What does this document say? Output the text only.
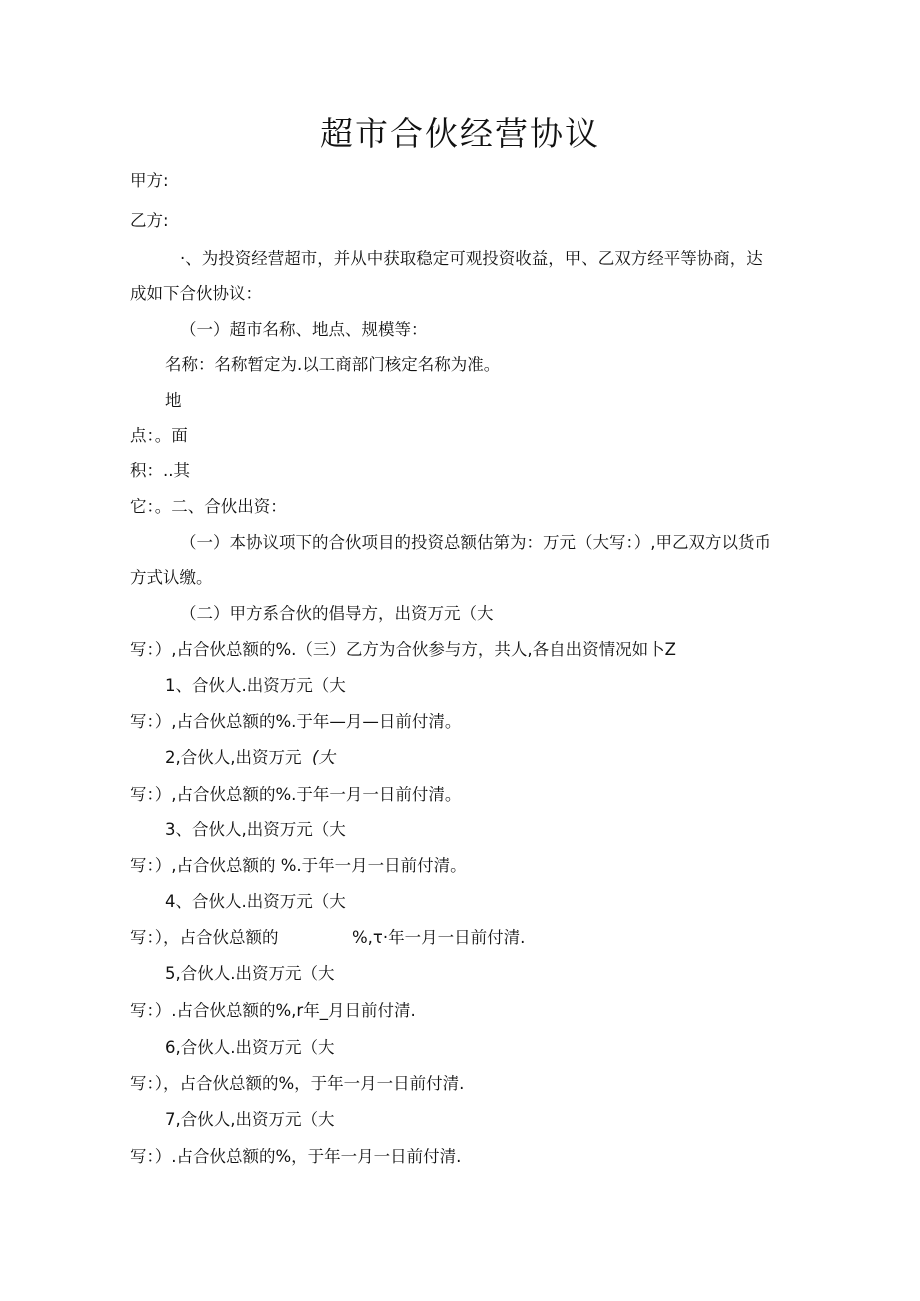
超市合伙经营协议
甲方:
乙方:
·、为投资经营超市，并从中获取稳定可观投资收益，甲、乙双方经平等协商，达
成如下合伙协议：
（一）超市名称、地点、规模等：
名称：名称暂定为.以工商部门核定名称为准。
地
点：。面
积：..其
它：。二、合伙出资：
（一）本协议项下的合伙项目的投资总额估第为：万元（大写：）,甲乙双方以货币
方式认缴。
（二）甲方系合伙的倡导方，出资万元（大
写：）,占合伙总额的%.（三）乙方为合伙参与方，共人,各自出资情况如卜Z
1、合伙人.出资万元（大
写：）,占合伙总额的%.于年—月—日前付清。
2,合伙人,出资万元 (大
写：）,占合伙总额的%.于年一月一日前付清。
3、合伙人,出资万元（大
写：）,占合伙总额的 %.于年一月一日前付清。
4、合伙人.出资万元（大
写：），占合伙总额的	%,τ·年一月一日前付清.
5,合伙人.出资万元（大
写：）.占合伙总额的%,r年_月日前付清.
6,合伙人.出资万元（大
写：），占合伙总额的%，于年一月一日前付清.
7,合伙人,出资万元（大
写：）.占合伙总额的%，于年一月一日前付清.
